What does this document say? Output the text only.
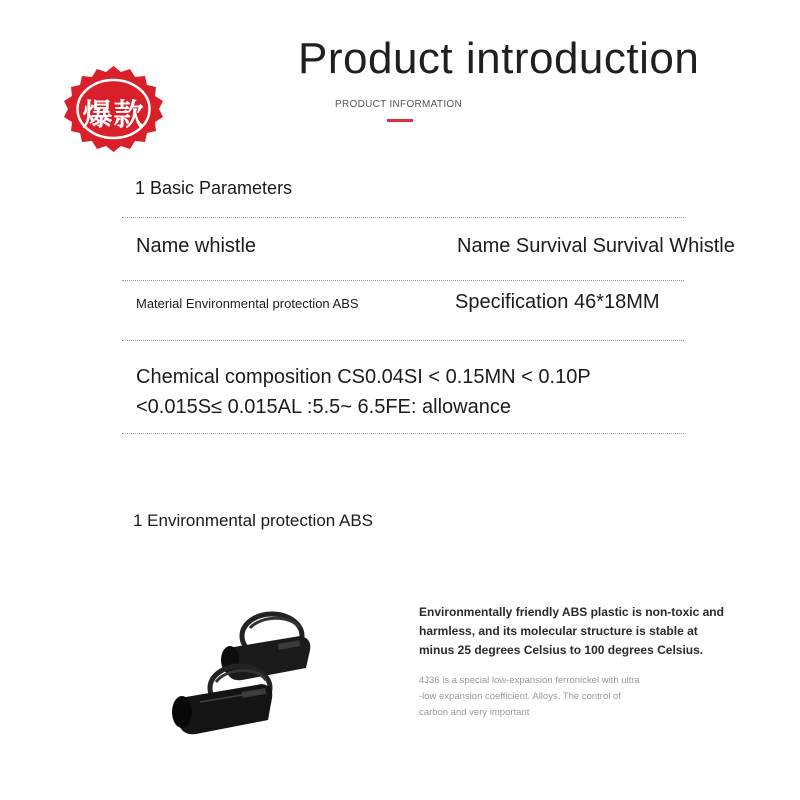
爆款
Product introduction
PRODUCT INFORMATION
1 Basic Parameters
Name whistle	Name Survival Survival Whistle
Material Environmental protection ABS	Specification 46*18MM
Chemical composition CS0.04SI < 0.15MN < 0.10P
<0.015S≤ 0.015AL :5.5~ 6.5FE: allowance
1 Environmental protection ABS
Environmentally friendly ABS plastic is non-toxic and harmless, and its molecular structure is stable at minus 25 degrees Celsius to 100 degrees Celsius.
4J36 is a special low-expansion ferronickel with ultra
-low expansion coefficient. Alloys. The control of
carbon and very important
